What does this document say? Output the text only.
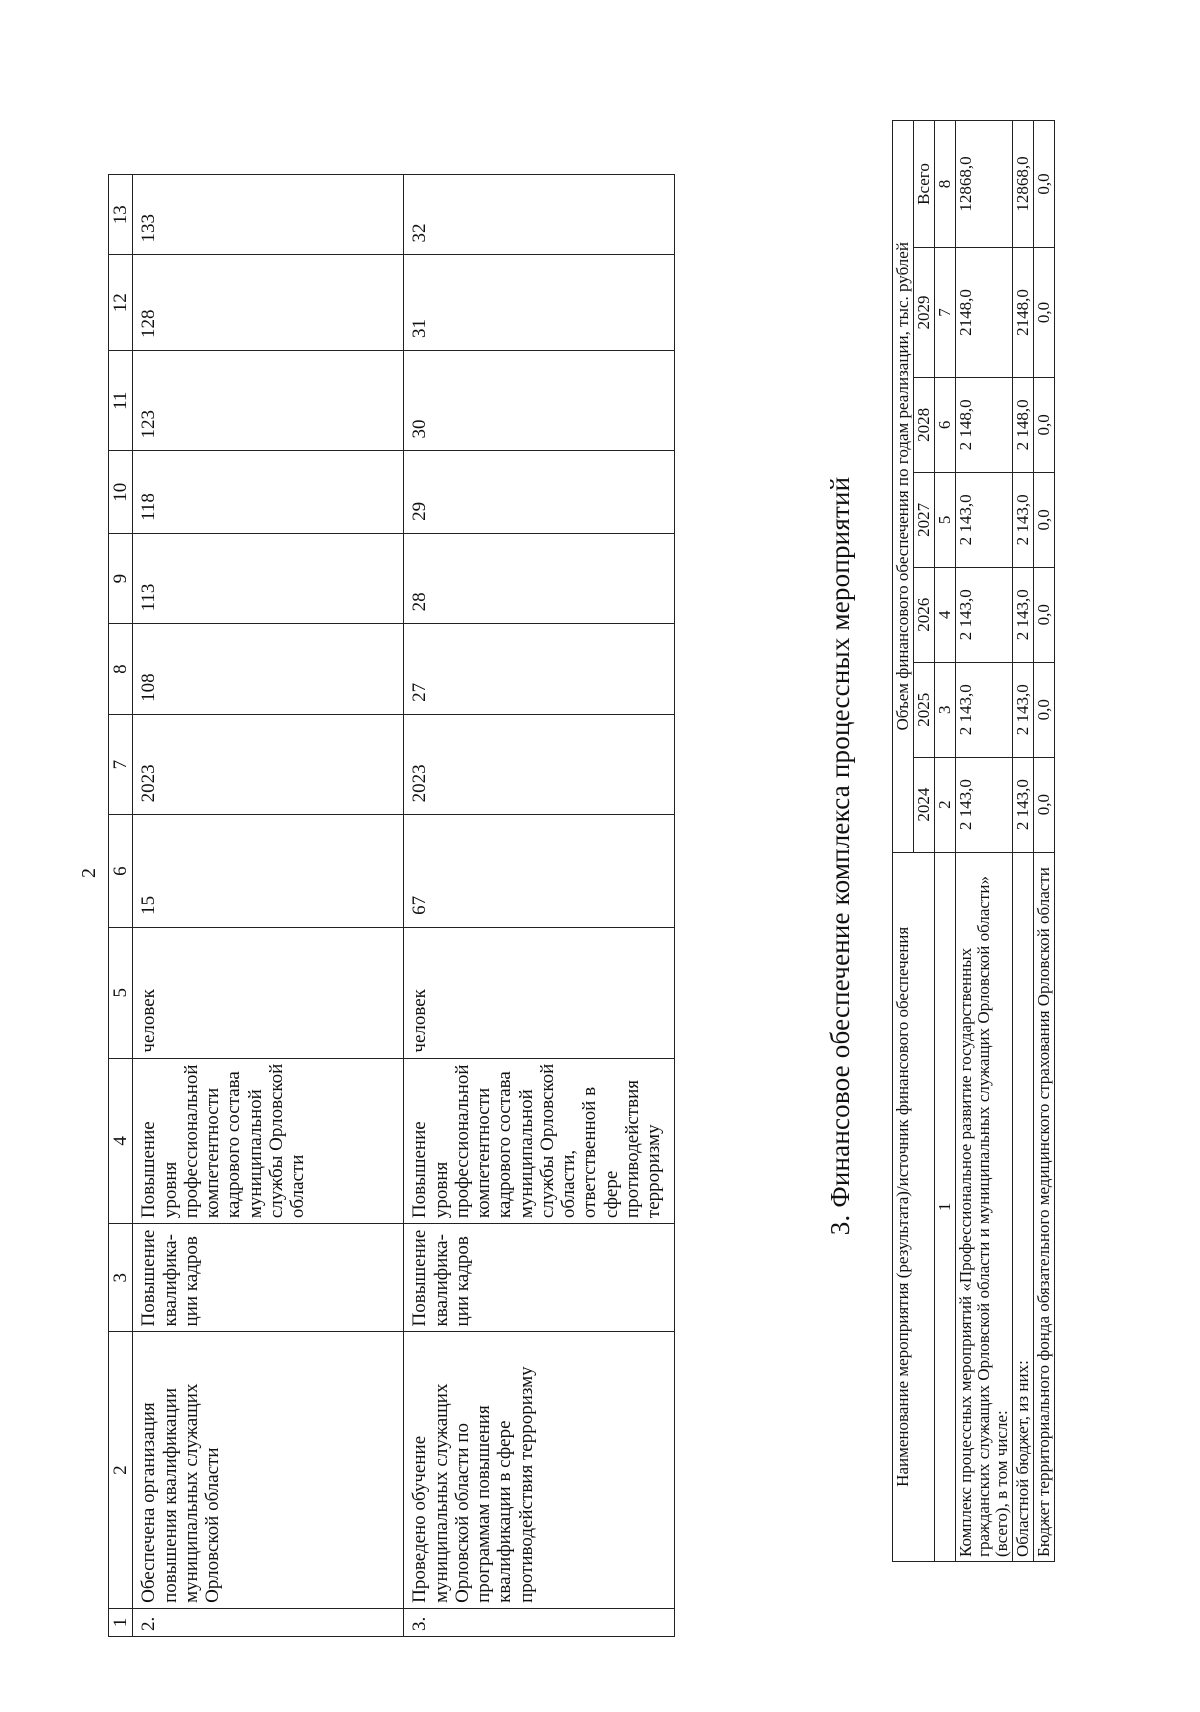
2
1	2	3	4	5	6	7	8	9	10	11	12	13
2.	Обеспечена организация повышения квалификации муниципальных служащих Орловской области	Повышение квалифика-ции кадров	Повышение уровня профессиональной компетентности кадрового состава муниципальной службы Орловской области	человек	15	2023	108	113	118	123	128	133
3.	Проведено обучение муниципальных служащих Орловской области по программам повышения квалификации в сфере противодействия терроризму	Повышение квалифика-ции кадров	Повышение уровня профессиональной компетентности кадрового состава муниципальной службы Орловской области, ответственной в сфере противодействия терроризму	человек	67	2023	27	28	29	30	31	32
3. Финансовое обеспечение комплекса процессных мероприятий Наименование мероприятия (результата)/источник финансового обеспечения	Объем финансового обеспечения по годам реализации, тыс. рублей						
	2024	2025	2026	2027	2028	2029	Всего
1	2	3	4	5	6	7	8
Комплекс процессных мероприятий «Профессиональное развитие государственных гражданских служащих Орловской области и муниципальных служащих Орловской области» (всего), в том числе:	2 143,0	2 143,0	2 143,0	2 143,0	2 148,0	2148,0	12868,0
Областной бюджет, из них:	2 143,0	2 143,0	2 143,0	2 143,0	2 148,0	2148,0	12868,0
Бюджет территориального фонда обязательного медицинского страхования Орловской области	0,0	0,0	0,0	0,0	0,0	0,0	0,0
